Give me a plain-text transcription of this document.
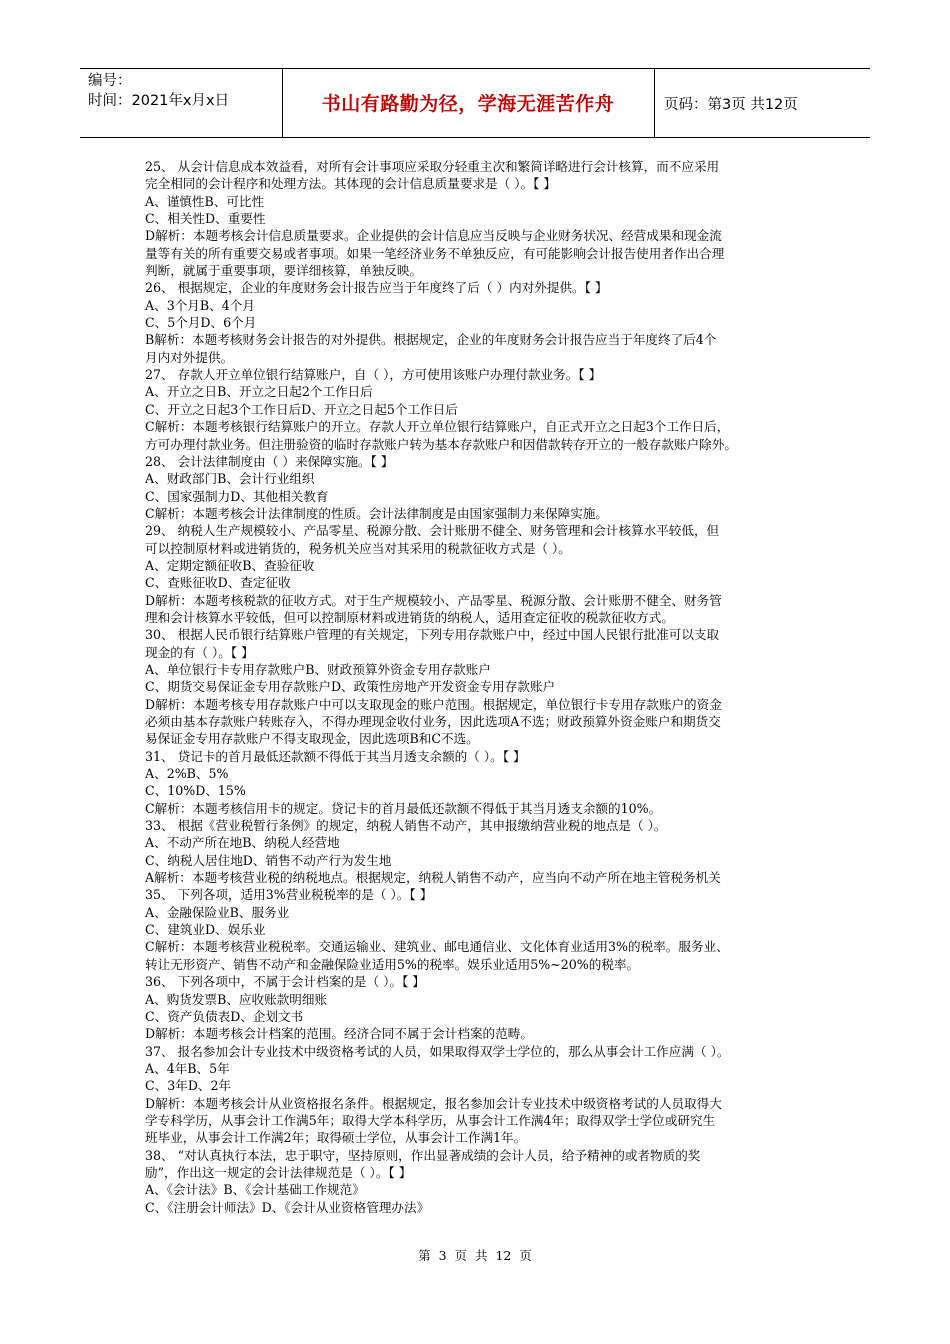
编号：
时间：2021年x月x日	书山有路勤为径，学海无涯苦作舟	页码：第3页 共12页

25、 从会计信息成本效益看，对所有会计事项应采取分轻重主次和繁简详略进行会计核算，而不应采用

完全相同的会计程序和处理方法。其体现的会计信息质量要求是（ ）。【 】

A、谨慎性B、可比性

C、相关性D、重要性

D解析：本题考核会计信息质量要求。企业提供的会计信息应当反映与企业财务状况、经营成果和现金流

量等有关的所有重要交易或者事项。如果一笔经济业务不单独反应，有可能影响会计报告使用者作出合理

判断，就属于重要事项，要详细核算，单独反映。

26、 根据规定，企业的年度财务会计报告应当于年度终了后（ ）内对外提供。【 】

A、3个月B、4个月

C、5个月D、6个月

B解析：本题考核财务会计报告的对外提供。根据规定，企业的年度财务会计报告应当于年度终了后4个

月内对外提供。

27、 存款人开立单位银行结算账户，自（ ），方可使用该账户办理付款业务。【 】

A、开立之日B、开立之日起2个工作日后

C、开立之日起3个工作日后D、开立之日起5个工作日后

C解析：本题考核银行结算账户的开立。存款人开立单位银行结算账户，自正式开立之日起3个工作日后，

方可办理付款业务。但注册验资的临时存款账户转为基本存款账户和因借款转存开立的一般存款账户除外。

28、 会计法律制度由（ ）来保障实施。【 】

A、财政部门B、会计行业组织

C、国家强制力D、其他相关教育

C解析：本题考核会计法律制度的性质。会计法律制度是由国家强制力来保障实施。

29、 纳税人生产规模较小、产品零星、税源分散、会计账册不健全、财务管理和会计核算水平较低，但

可以控制原材料或进销货的，税务机关应当对其采用的税款征收方式是（ ）。

A、定期定额征收B、查验征收

C、查账征收D、查定征收

D解析：本题考核税款的征收方式。对于生产规模较小、产品零星、税源分散、会计账册不健全、财务管

理和会计核算水平较低，但可以控制原材料或进销货的纳税人，适用查定征收的税款征收方式。

30、 根据人民币银行结算账户管理的有关规定，下列专用存款账户中，经过中国人民银行批准可以支取

现金的有（ ）。【 】

A、单位银行卡专用存款账户B、财政预算外资金专用存款账户

C、期货交易保证金专用存款账户D、政策性房地产开发资金专用存款账户

D解析：本题考核专用存款账户中可以支取现金的账户范围。根据规定，单位银行卡专用存款账户的资金

必须由基本存款账户转账存入，不得办理现金收付业务，因此选项A不选；财政预算外资金账户和期货交

易保证金专用存款账户不得支取现金，因此选项B和C不选。

31、 贷记卡的首月最低还款额不得低于其当月透支余额的（ ）。【 】

A、2%B、5%

C、10%D、15%

C解析：本题考核信用卡的规定。贷记卡的首月最低还款额不得低于其当月透支余额的10%。

33、 根据《营业税暂行条例》的规定，纳税人销售不动产，其申报缴纳营业税的地点是（ ）。

A、不动产所在地B、纳税人经营地

C、纳税人居住地D、销售不动产行为发生地

A解析：本题考核营业税的纳税地点。根据规定，纳税人销售不动产，应当向不动产所在地主管税务机关

35、 下列各项，适用3%营业税税率的是（ ）。【 】

A、金融保险业B、服务业

C、建筑业D、娱乐业

C解析：本题考核营业税税率。交通运输业、建筑业、邮电通信业、文化体育业适用3%的税率。服务业、

转让无形资产、销售不动产和金融保险业适用5%的税率。娱乐业适用5%~20%的税率。

36、 下列各项中，不属于会计档案的是（ ）。【 】

A、购货发票B、应收账款明细账

C、资产负债表D、企划文书

D解析：本题考核会计档案的范围。经济合同不属于会计档案的范畴。

37、 报名参加会计专业技术中级资格考试的人员，如果取得双学士学位的，那么从事会计工作应满（ ）。

A、4年B、5年

C、3年D、2年

D解析：本题考核会计从业资格报名条件。根据规定，报名参加会计专业技术中级资格考试的人员取得大

学专科学历，从事会计工作满5年；取得大学本科学历，从事会计工作满4年；取得双学士学位或研究生

班毕业，从事会计工作满2年；取得硕士学位，从事会计工作满1年。

38、 “对认真执行本法，忠于职守，坚持原则，作出显著成绩的会计人员，给予精神的或者物质的奖

励”，作出这一规定的会计法律规范是（ ）。【 】

A、《会计法》B、《会计基础工作规范》

C、《注册会计师法》D、《会计从业资格管理办法》

第 3 页 共 12 页
